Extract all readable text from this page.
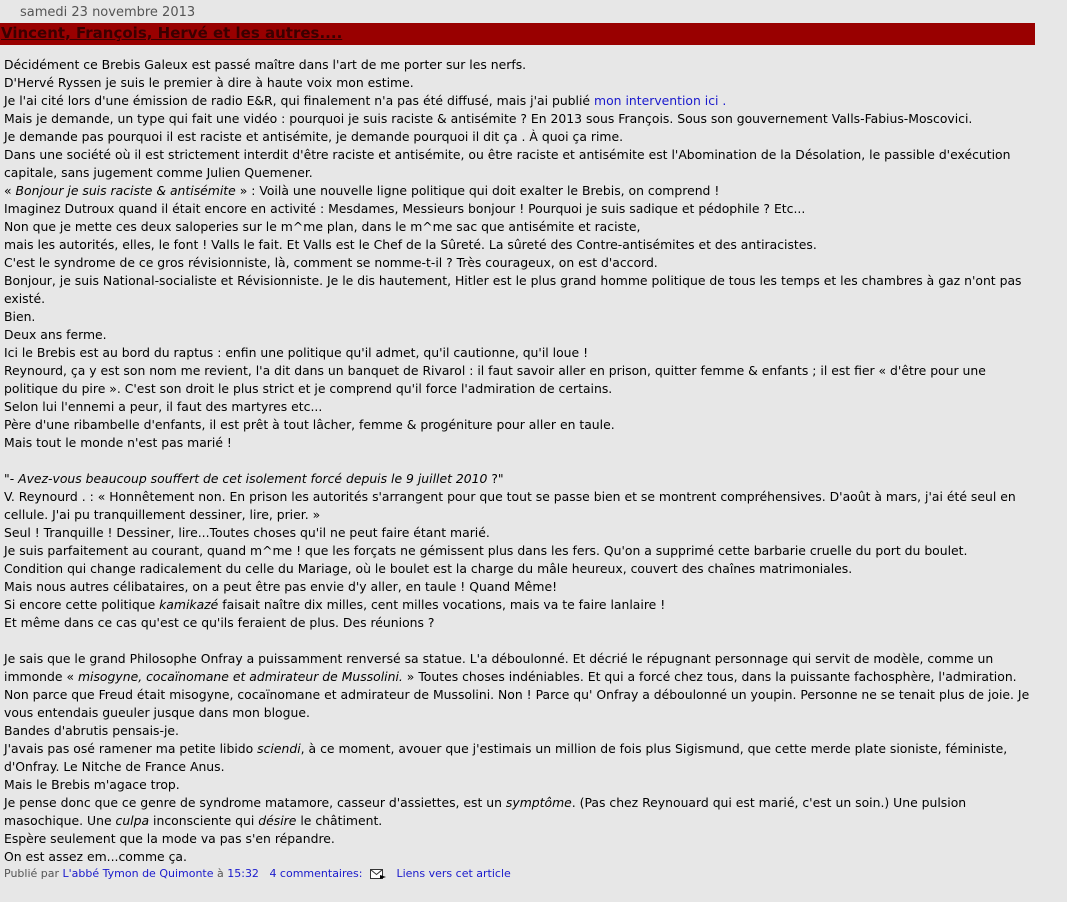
samedi 23 novembre 2013
Vincent, François, Hervé et les autres....

Décidément ce Brebis Galeux est passé maître dans l'art de me porter sur les nerfs.

D'Hervé Ryssen je suis le premier à dire à haute voix mon estime.

Je l'ai cité lors d'une émission de radio E&R, qui finalement n'a pas été diffusé, mais j'ai publié mon intervention ici .

Mais je demande, un type qui fait une vidéo : pourquoi je suis raciste & antisémite ? En 2013 sous François. Sous son gouvernement Valls-Fabius-Moscovici.

Je demande pas pourquoi il est raciste et antisémite, je demande pourquoi il dit ça . À quoi ça rime.

Dans une société où il est strictement interdit d'être raciste et antisémite, ou être raciste et antisémite est l'Abomination de la Désolation, le passible d'exécution capitale, sans jugement comme Julien Quemener.

« Bonjour je suis raciste & antisémite » : Voilà une nouvelle ligne politique qui doit exalter le Brebis, on comprend !

Imaginez Dutroux quand il était encore en activité : Mesdames, Messieurs bonjour ! Pourquoi je suis sadique et pédophile ? Etc...

Non que je mette ces deux saloperies sur le m^me plan, dans le m^me sac que antisémite et raciste,

mais les autorités, elles, le font ! Valls le fait. Et Valls est le Chef de la Sûreté. La sûreté des Contre-antisémites et des antiracistes.

C'est le syndrome de ce gros révisionniste, là, comment se nomme-t-il ? Très courageux, on est d'accord.

Bonjour, je suis National-socialiste et Révisionniste. Je le dis hautement, Hitler est le plus grand homme politique de tous les temps et les chambres à gaz n'ont pas existé.

Bien.

Deux ans ferme.

Ici le Brebis est au bord du raptus : enfin une politique qu'il admet, qu'il cautionne, qu'il loue !

Reynourd, ça y est son nom me revient, l'a dit dans un banquet de Rivarol : il faut savoir aller en prison, quitter femme & enfants ; il est fier « d'être pour une politique du pire ». C'est son droit le plus strict et je comprend qu'il force l'admiration de certains.

Selon lui l'ennemi a peur, il faut des martyres etc...

Père d'une ribambelle d'enfants, il est prêt à tout lâcher, femme & progéniture pour aller en taule.

Mais tout le monde n'est pas marié !

"- Avez-vous beaucoup souffert de cet isolement forcé depuis le 9 juillet 2010 ?"

V. Reynourd . : « Honnêtement non. En prison les autorités s'arrangent pour que tout se passe bien et se montrent compréhensives. D'août à mars, j'ai été seul en cellule. J'ai pu tranquillement dessiner, lire, prier. »

Seul ! Tranquille ! Dessiner, lire...Toutes choses qu'il ne peut faire étant marié.

Je suis parfaitement au courant, quand m^me ! que les forçats ne gémissent plus dans les fers. Qu'on a supprimé cette barbarie cruelle du port du boulet.

Condition qui change radicalement du celle du Mariage, où le boulet est la charge du mâle heureux, couvert des chaînes matrimoniales.

Mais nous autres célibataires, on a peut être pas envie d'y aller, en taule ! Quand Même!

Si encore cette politique kamikazé faisait naître dix milles, cent milles vocations, mais va te faire lanlaire !

Et même dans ce cas qu'est ce qu'ils feraient de plus. Des réunions ?

Je sais que le grand Philosophe Onfray a puissamment renversé sa statue. L'a déboulonné. Et décrié le répugnant personnage qui servit de modèle, comme un immonde « misogyne, cocaïnomane et admirateur de Mussolini. » Toutes choses indéniables. Et qui a forcé chez tous, dans la puissante fachosphère, l'admiration. Non parce que Freud était misogyne, cocaïnomane et admirateur de Mussolini. Non ! Parce qu' Onfray a déboulonné un youpin. Personne ne se tenait plus de joie. Je vous entendais gueuler jusque dans mon blogue.

Bandes d'abrutis pensais-je.

J'avais pas osé ramener ma petite libido sciendi, à ce moment, avouer que j'estimais un million de fois plus Sigismund, que cette merde plate sioniste, féministe, d'Onfray. Le Nitche de France Anus.

Mais le Brebis m'agace trop.

Je pense donc que ce genre de syndrome matamore, casseur d'assiettes, est un symptôme. (Pas chez Reynouard qui est marié, c'est un soin.) Une pulsion masochique. Une culpa inconsciente qui désire le châtiment.

Espère seulement que la mode va pas s'en répandre.

On est assez em...comme ça.

Publié par L'abbé Tymon de Quimonte à 15:32 4 commentaires:	Liens vers cet article
